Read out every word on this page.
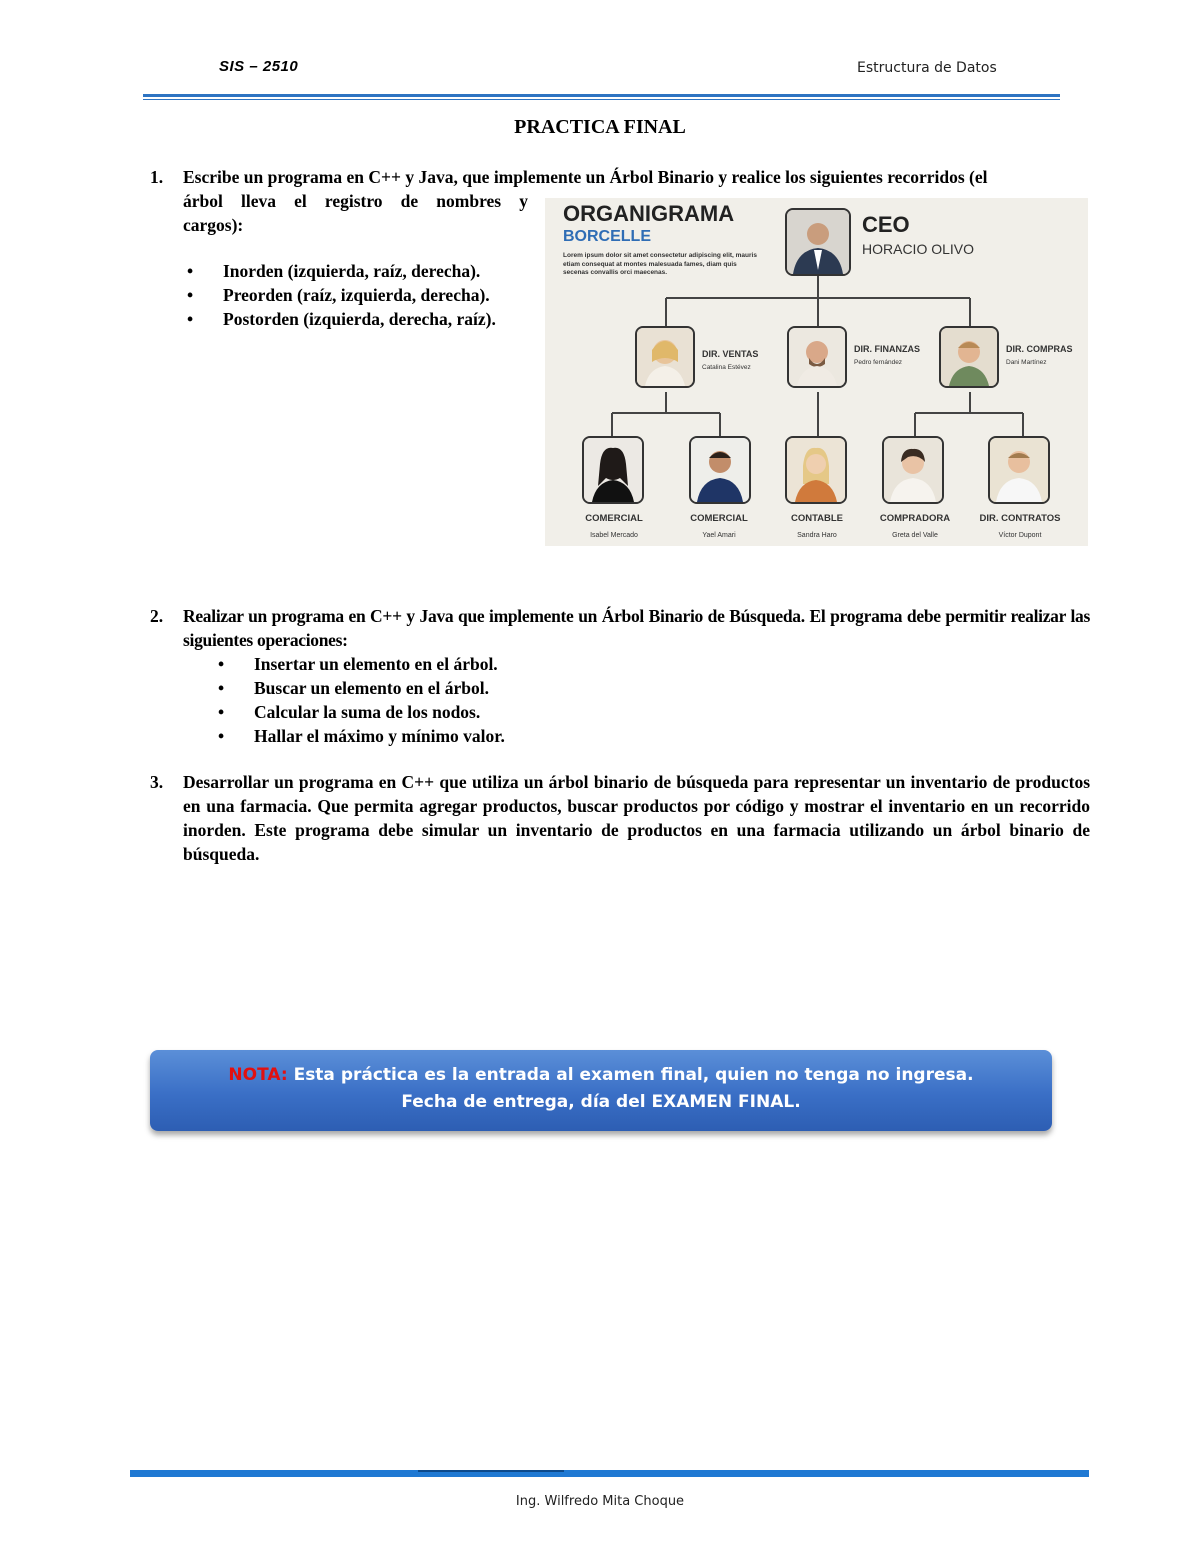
SIS – 2510	Estructura de Datos
PRACTICA FINAL
1. Escribe un programa en C++ y Java, que implemente un Árbol Binario y realice los siguientes recorridos (el
árbol lleva el registro de nombres y
cargos):
• Inorden (izquierda, raíz, derecha).
• Preorden (raíz, izquierda, derecha).
• Postorden (izquierda, derecha, raíz).
ORGANIGRAMA
BORCELLE
Lorem ipsum dolor sit amet consectetur adipiscing elit, mauris etiam consequat at montes malesuada fames, diam quis secenas convallis orci maecenas.
CEO
HORACIO OLIVO
DIR. VENTAS
Catalina Estévez
DIR. FINANZAS
Pedro fernández
DIR. COMPRAS
Dani Martínez
COMERCIAL
Isabel Mercado
COMERCIAL
Yael Amari
CONTABLE
Sandra Haro
COMPRADORA
Greta del Valle
DIR. CONTRATOS
Víctor Dupont
2. Realizar un programa en C++ y Java que implemente un Árbol Binario de Búsqueda. El programa debe permitir realizar las siguientes operaciones:
• Insertar un elemento en el árbol.
• Buscar un elemento en el árbol.
• Calcular la suma de los nodos.
• Hallar el máximo y mínimo valor.
3. Desarrollar un programa en C++ que utiliza un árbol binario de búsqueda para representar un inventario de productos en una farmacia. Que permita agregar productos, buscar productos por código y mostrar el inventario en un recorrido inorden. Este programa debe simular un inventario de productos en una farmacia utilizando un árbol binario de búsqueda.
NOTA: Esta práctica es la entrada al examen final, quien no tenga no ingresa.
Fecha de entrega, día del EXAMEN FINAL.
Ing. Wilfredo Mita Choque
